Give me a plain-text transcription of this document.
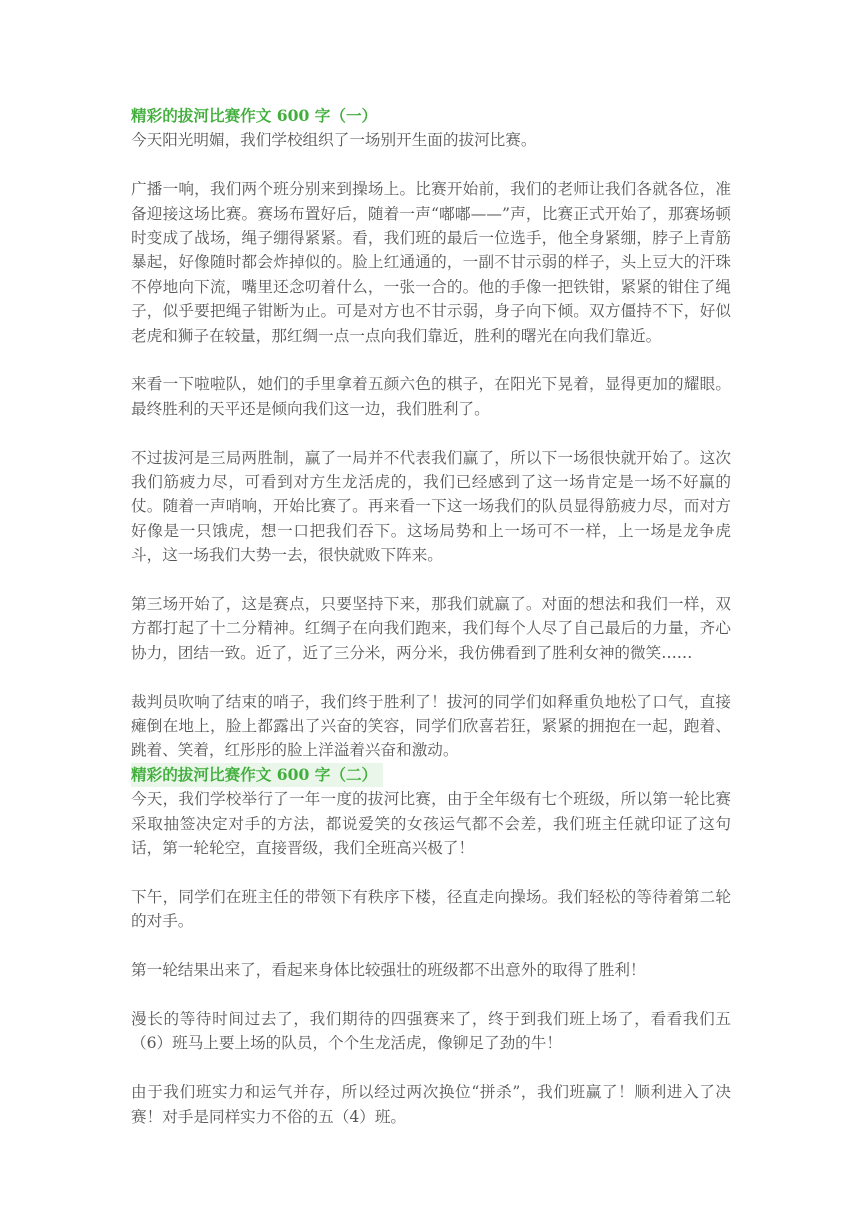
精彩的拔河比赛作文 600 字（一）

今天阳光明媚，我们学校组织了一场别开生面的拔河比赛。

广播一响，我们两个班分别来到操场上。比赛开始前，我们的老师让我们各就各位，准备迎接这场比赛。赛场布置好后，随着一声“嘟嘟——”声，比赛正式开始了，那赛场顿时变成了战场，绳子绷得紧紧。看，我们班的最后一位选手，他全身紧绷，脖子上青筋暴起，好像随时都会炸掉似的。脸上红通通的，一副不甘示弱的样子，头上豆大的汗珠不停地向下流，嘴里还念叨着什么，一张一合的。他的手像一把铁钳，紧紧的钳住了绳子，似乎要把绳子钳断为止。可是对方也不甘示弱，身子向下倾。双方僵持不下，好似老虎和狮子在较量，那红绸一点一点向我们靠近，胜利的曙光在向我们靠近。

来看一下啦啦队，她们的手里拿着五颜六色的棋子，在阳光下晃着，显得更加的耀眼。最终胜利的天平还是倾向我们这一边，我们胜利了。

不过拔河是三局两胜制，赢了一局并不代表我们赢了，所以下一场很快就开始了。这次我们筋疲力尽，可看到对方生龙活虎的，我们已经感到了这一场肯定是一场不好赢的仗。随着一声哨响，开始比赛了。再来看一下这一场我们的队员显得筋疲力尽，而对方好像是一只饿虎，想一口把我们吞下。这场局势和上一场可不一样，上一场是龙争虎斗，这一场我们大势一去，很快就败下阵来。

第三场开始了，这是赛点，只要坚持下来，那我们就赢了。对面的想法和我们一样，双方都打起了十二分精神。红绸子在向我们跑来，我们每个人尽了自己最后的力量，齐心协力，团结一致。近了，近了三分米，两分米，我仿佛看到了胜利女神的微笑……

裁判员吹响了结束的哨子，我们终于胜利了！拔河的同学们如释重负地松了口气，直接瘫倒在地上，脸上都露出了兴奋的笑容，同学们欣喜若狂，紧紧的拥抱在一起，跑着、跳着、笑着，红彤彤的脸上洋溢着兴奋和激动。

精彩的拔河比赛作文 600 字（二）

今天，我们学校举行了一年一度的拔河比赛，由于全年级有七个班级，所以第一轮比赛采取抽签决定对手的方法，都说爱笑的女孩运气都不会差，我们班主任就印证了这句话，第一轮轮空，直接晋级，我们全班高兴极了！

下午，同学们在班主任的带领下有秩序下楼，径直走向操场。我们轻松的等待着第二轮的对手。

第一轮结果出来了，看起来身体比较强壮的班级都不出意外的取得了胜利！

漫长的等待时间过去了，我们期待的四强赛来了，终于到我们班上场了，看看我们五（6）班马上要上场的队员，个个生龙活虎，像铆足了劲的牛！

由于我们班实力和运气并存，所以经过两次换位“拼杀”，我们班赢了！顺利进入了决赛！对手是同样实力不俗的五（4）班。
